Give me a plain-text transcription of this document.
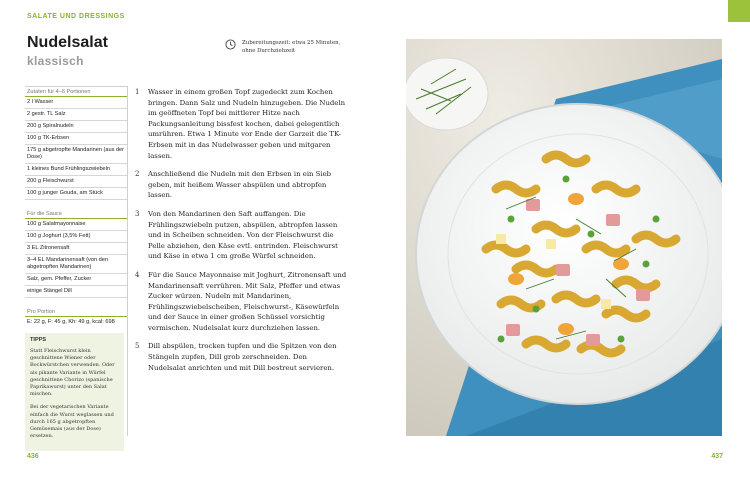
SALATE UND DRESSINGS
Nudelsalat
klassisch
Zubereitungszeit: etwa 25 Minuten,
ohne Durchziehzeit
Zutaten für 4–6 Portionen
2 l Wasser
2 gestr. TL Salz
200 g Spiralnudeln
100 g TK-Erbsen
175 g abgetropfte Mandarinen (aus der Dose)
1 kleines Bund Frühlingszwiebeln
200 g Fleischwurst
100 g junger Gouda, am Stück
Für die Sauce
100 g Salatmayonnaise
100 g Joghurt (3,5% Fett)
3 EL Zitronensaft
3–4 EL Mandarinensaft (von den abgetropften Mandarinen)
Salz, gem. Pfeffer, Zucker
einige Stängel Dill
Pro Portion
E: 22 g, F: 45 g, Kh: 49 g, kcal: 698
TIPPS

Statt Fleischwurst klein geschnittene Wiener oder Bockwürstchen verwenden. Oder als pikante Variante in Würfel geschnittene Chorizo (spanische Paprikawurst) unter den Salat mischen.

Bei der vegetarischen Variante einfach die Wurst weglassen und durch 165 g abgetropften Gemüsemais (aus der Dose) ersetzen.

1	Wasser in einem großen Topf zugedeckt zum Kochen bringen. Dann Salz und Nudeln hinzugeben. Die Nudeln im geöffneten Topf bei mittlerer Hitze nach Packungsanleitung bissfest kochen, dabei gelegentlich umrühren. Etwa 1 Minute vor Ende der Garzeit die TK-Erbsen mit in das Nudelwasser geben und mitgaren lassen.
2	Anschließend die Nudeln mit den Erbsen in ein Sieb geben, mit heißem Wasser abspülen und abtropfen lassen.
3	Von den Mandarinen den Saft auffangen. Die Frühlingszwiebeln putzen, abspülen, abtropfen lassen und in Scheiben schneiden. Von der Fleischwurst die Pelle abziehen, den Käse evtl. entrinden. Fleischwurst und Käse in etwa 1 cm große Würfel schneiden.
4	Für die Sauce Mayonnaise mit Joghurt, Zitronensaft und Mandarinensaft verrühren. Mit Salz, Pfeffer und etwas Zucker würzen. Nudeln mit Mandarinen, Frühlingszwiebelscheiben, Fleischwurst-, Käsewürfeln und der Sauce in einer großen Schüssel vorsichtig vermischen. Nudelsalat kurz durchziehen lassen.
5	Dill abspülen, trocken tupfen und die Spitzen von den Stängeln zupfen, Dill grob zerschneiden. Den Nudelsalat anrichten und mit Dill bestreut servieren.
436	437
